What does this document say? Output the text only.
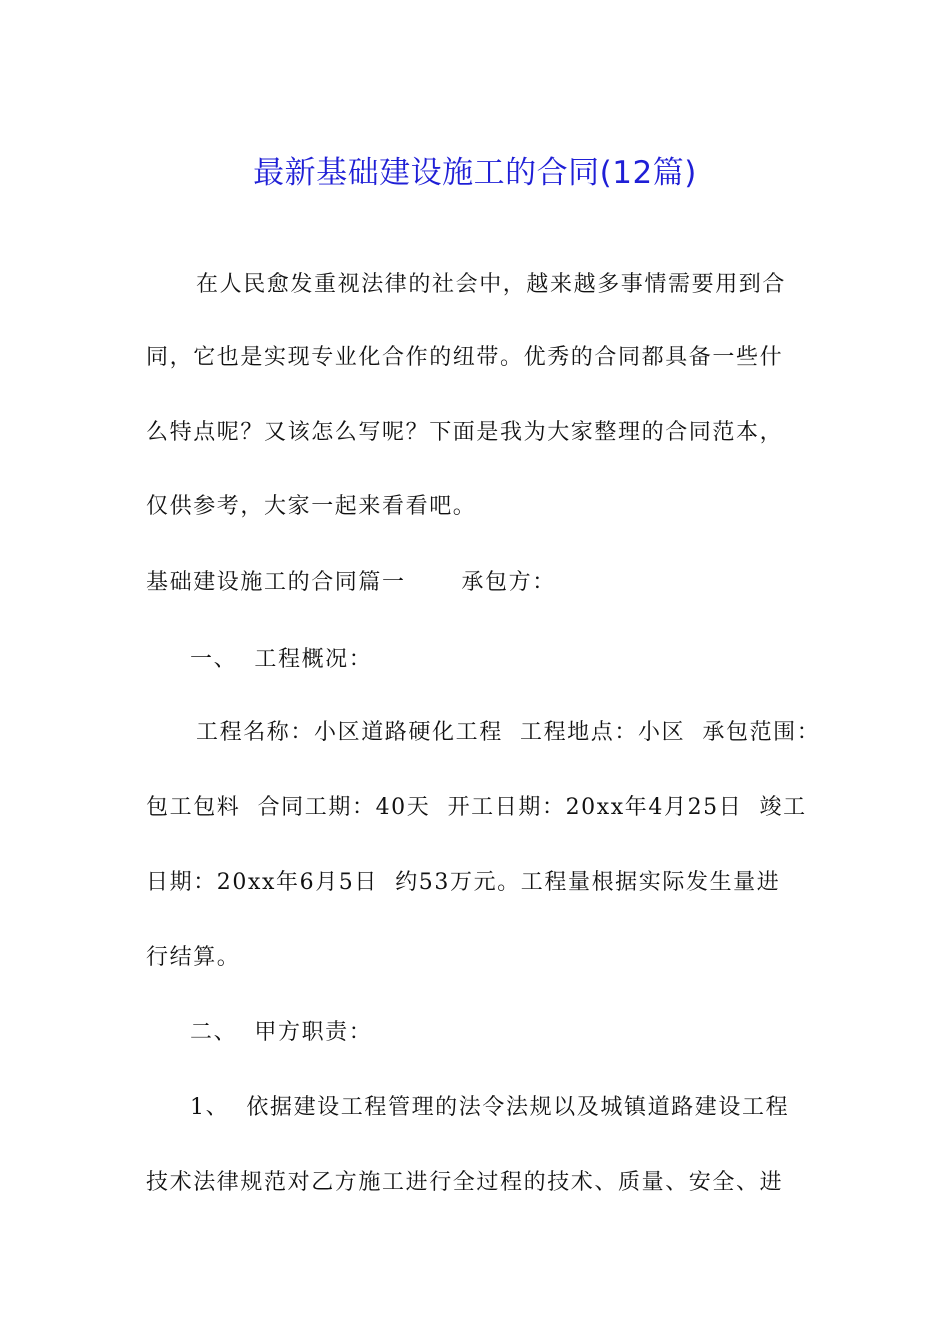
最新基础建设施工的合同(12篇)
在人民愈发重视法律的社会中，越来越多事情需要用到合
同，它也是实现专业化合作的纽带。优秀的合同都具备一些什
么特点呢？又该怎么写呢？下面是我为大家整理的合同范本，
仅供参考，大家一起来看看吧。
基础建设施工的合同篇一　　 承包方：
一、  工程概况：
工程名称：小区道路硬化工程  工程地点：小区  承包范围：
包工包料  合同工期：40天  开工日期：20xx年4月25日  竣工
日期：20xx年6月5日  约53万元。工程量根据实际发生量进
行结算。
二、  甲方职责：
1、  依据建设工程管理的法令法规以及城镇道路建设工程
技术法律规范对乙方施工进行全过程的技术、质量、安全、进
